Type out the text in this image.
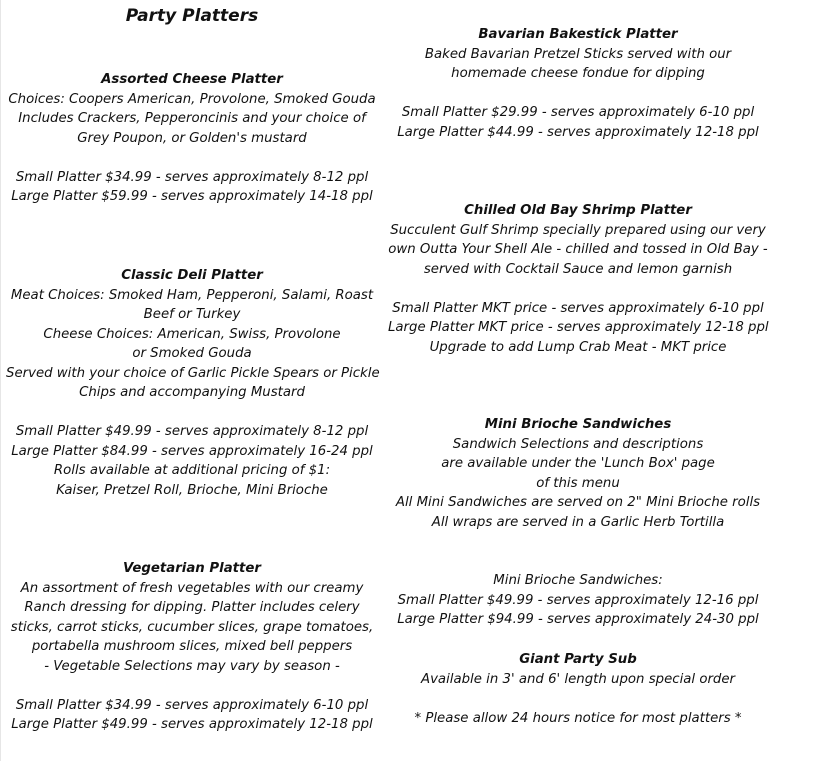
Party Platters
Assorted Cheese Platter
Choices: Coopers American, Provolone, Smoked Gouda
Includes Crackers, Pepperoncinis and your choice of
Grey Poupon, or Golden's mustard
Small Platter $34.99 - serves approximately 8-12 ppl
Large Platter $59.99 - serves approximately 14-18 ppl
Classic Deli Platter
Meat Choices: Smoked Ham, Pepperoni, Salami, Roast
Beef or Turkey
Cheese Choices: American, Swiss, Provolone
or Smoked Gouda
Served with your choice of Garlic Pickle Spears or Pickle
Chips and accompanying Mustard
Small Platter $49.99 - serves approximately 8-12 ppl
Large Platter $84.99 - serves approximately 16-24 ppl
Rolls available at additional pricing of $1:
Kaiser, Pretzel Roll, Brioche, Mini Brioche
Vegetarian Platter
An assortment of fresh vegetables with our creamy
Ranch dressing for dipping. Platter includes celery
sticks, carrot sticks, cucumber slices, grape tomatoes,
portabella mushroom slices, mixed bell peppers
- Vegetable Selections may vary by season -
Small Platter $34.99 - serves approximately 6-10 ppl
Large Platter $49.99 - serves approximately 12-18 ppl
Bavarian Bakestick Platter
Baked Bavarian Pretzel Sticks served with our
homemade cheese fondue for dipping
Small Platter $29.99 - serves approximately 6-10 ppl
Large Platter $44.99 - serves approximately 12-18 ppl
Chilled Old Bay Shrimp Platter
Succulent Gulf Shrimp specially prepared using our very
own Outta Your Shell Ale - chilled and tossed in Old Bay -
served with Cocktail Sauce and lemon garnish
Small Platter MKT price - serves approximately 6-10 ppl
Large Platter MKT price - serves approximately 12-18 ppl
Upgrade to add Lump Crab Meat - MKT price
Mini Brioche Sandwiches
Sandwich Selections and descriptions
are available under the 'Lunch Box' page
of this menu
All Mini Sandwiches are served on 2" Mini Brioche rolls
All wraps are served in a Garlic Herb Tortilla
Mini Brioche Sandwiches:
Small Platter $49.99 - serves approximately 12-16 ppl
Large Platter $94.99 - serves approximately 24-30 ppl
Giant Party Sub
Available in 3' and 6' length upon special order
* Please allow 24 hours notice for most platters *
